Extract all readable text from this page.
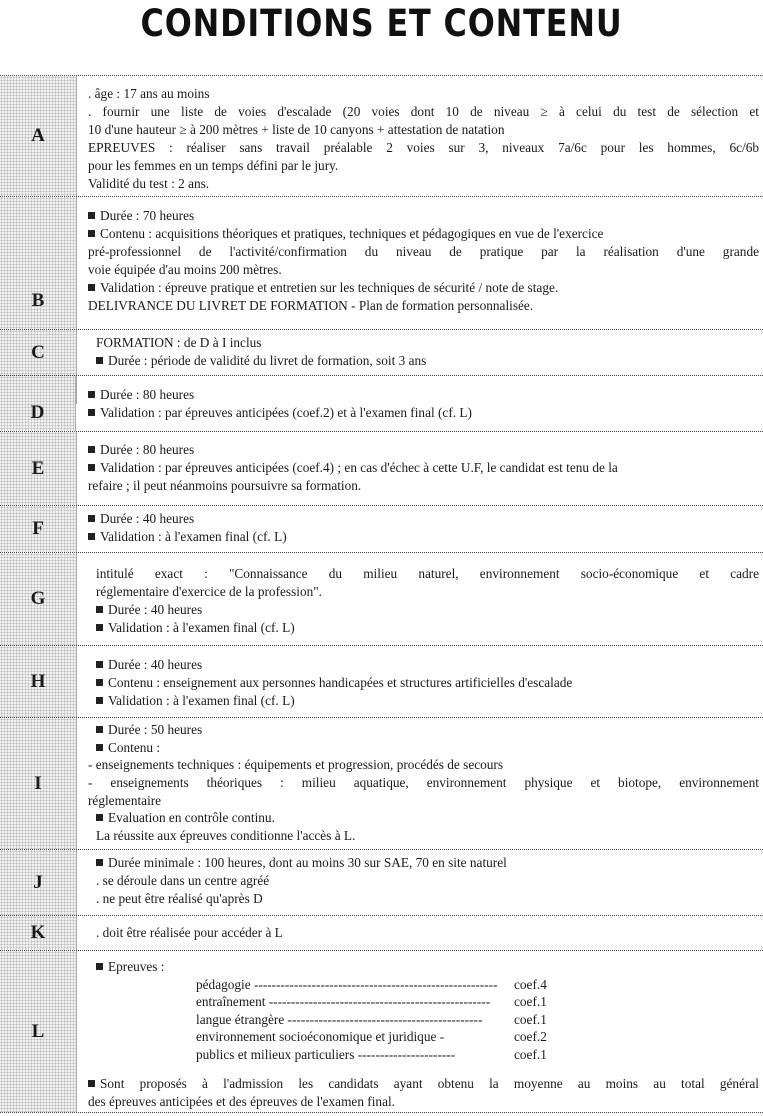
CONDITIONS ET CONTENU
A
. âge : 17 ans au moins
. fournir une liste de voies d'escalade (20 voies dont 10 de niveau ≥ à celui du test de sélection et
10 d'une hauteur ≥ à 200 mètres + liste de 10 canyons + attestation de natation
EPREUVES : réaliser sans travail préalable 2 voies sur 3, niveaux 7a/6c pour les hommes, 6c/6b
pour les femmes en un temps défini par le jury.
Validité du test : 2 ans.
B
Durée : 70 heures
Contenu : acquisitions théoriques et pratiques, techniques et pédagogiques en vue de l'exercice
pré-professionnel de l'activité/confirmation du niveau de pratique par la réalisation d'une grande
voie équipée d'au moins 200 mètres.
Validation : épreuve pratique et entretien sur les techniques de sécurité / note de stage.
DELIVRANCE DU LIVRET DE FORMATION - Plan de formation personnalisée.
C	FORMATION : de D à I inclus
Durée : période de validité du livret de formation, soit 3 ans
D
Durée : 80 heures
Validation : par épreuves anticipées (coef.2) et à l'examen final (cf. L)
E
Durée : 80 heures
Validation : par épreuves anticipées (coef.4) ; en cas d'échec à cette U.F, le candidat est tenu de la
refaire ; il peut néanmoins poursuivre sa formation.
F	Durée : 40 heures
Validation : à l'examen final (cf. L)
G
intitulé exact : "Connaissance du milieu naturel, environnement socio-économique et cadre
réglementaire d'exercice de la profession".
Durée : 40 heures
Validation : à l'examen final (cf. L)
H
Durée : 40 heures
Contenu : enseignement aux personnes handicapées et structures artificielles d'escalade
Validation : à l'examen final (cf. L)
I
Durée : 50 heures
Contenu :
- enseignements techniques : équipements et progression, procédés de secours
- enseignements théoriques : milieu aquatique, environnement physique et biotope, environnement
réglementaire
Evaluation en contrôle continu.
La réussite aux épreuves conditionne l'accès à L.
J
Durée minimale : 100 heures, dont au moins 30 sur SAE, 70 en site naturel
. se déroule dans un centre agréé
. ne peut être réalisé qu'après D
K	. doit être réalisée pour accéder à L
L
Epreuves :
pédagogie -------------------------------------------------------	coef.4
entraînement --------------------------------------------------	coef.1
langue étrangère --------------------------------------------	coef.1
environnement socioéconomique et juridique -	coef.2
publics et milieux particuliers ----------------------	coef.1
Sont proposés à l'admission les candidats ayant obtenu la moyenne au moins au total général
des épreuves anticipées et des épreuves de l'examen final.
